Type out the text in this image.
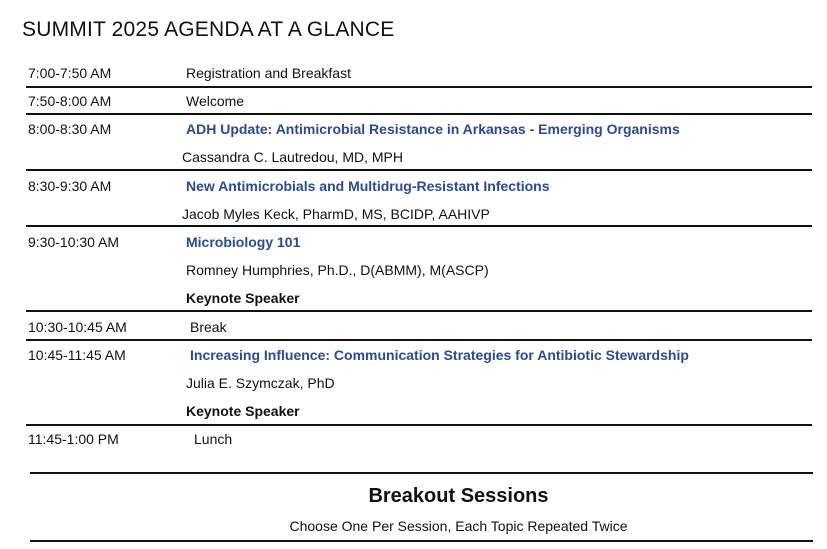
SUMMIT 2025 AGENDA AT A GLANCE
7:00-7:50 AM	Registration and Breakfast
7:50-8:00 AM	Welcome
8:00-8:30 AM	ADH Update: Antimicrobial Resistance in Arkansas - Emerging Organisms
Cassandra C. Lautredou, MD, MPH
8:30-9:30 AM	New Antimicrobials and Multidrug-Resistant Infections
Jacob Myles Keck, PharmD, MS, BCIDP, AAHIVP
9:30-10:30 AM	Microbiology 101
Romney Humphries, Ph.D., D(ABMM), M(ASCP)
Keynote Speaker
10:30-10:45 AM	Break
10:45-11:45 AM	Increasing Influence: Communication Strategies for Antibiotic Stewardship
Julia E. Szymczak, PhD
Keynote Speaker
11:45-1:00 PM	Lunch
Breakout Sessions
Choose One Per Session, Each Topic Repeated Twice
